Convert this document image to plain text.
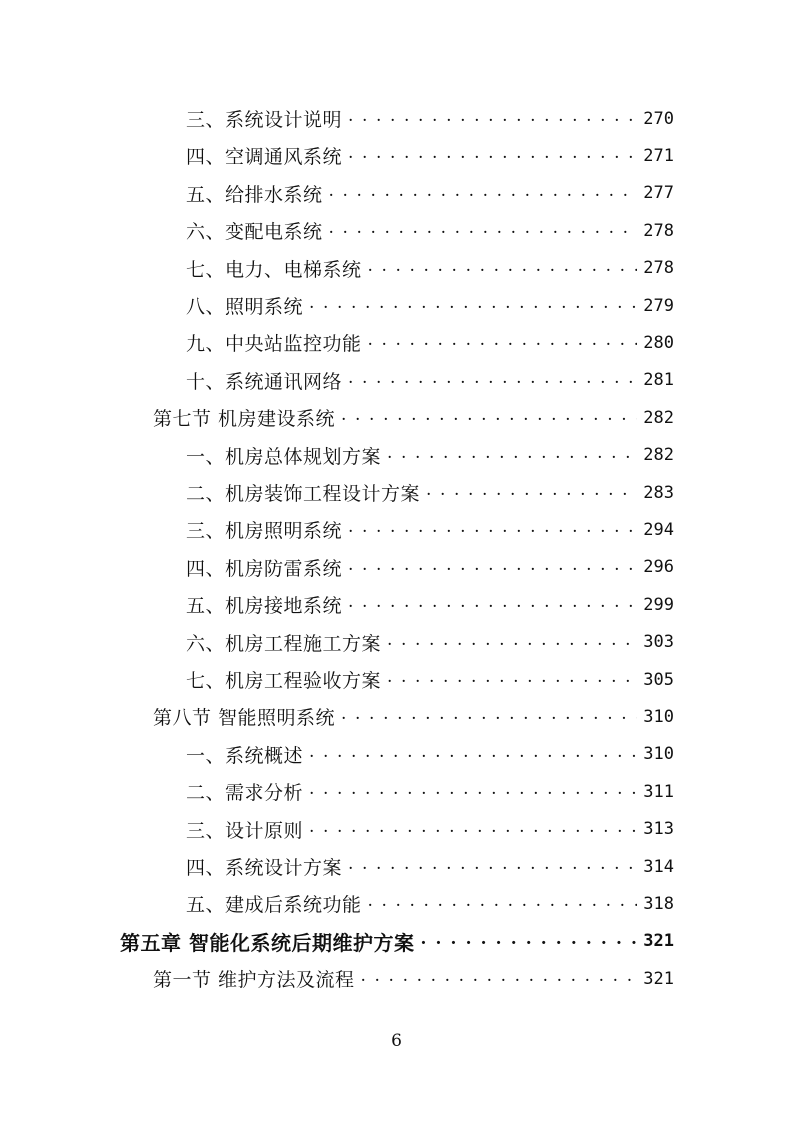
三、系统设计说明 . . .	270
四、空调通风系统 . . .	271
五、给排水系统 . . .	277
六、变配电系统 . . .	278
七、电力、电梯系统 . . .	278
八、照明系统 . . .	279
九、中央站监控功能 . . .	280
十、系统通讯网络 . . .	281
第七节 机房建设系统 . . .	282
一、机房总体规划方案 . . .	282
二、机房装饰工程设计方案 . . .	283
三、机房照明系统 . . .	294
四、机房防雷系统 . . .	296
五、机房接地系统 . . .	299
六、机房工程施工方案 . . .	303
七、机房工程验收方案 . . .	305
第八节 智能照明系统 . . .	310
一、系统概述 . . .	310
二、需求分析 . . .	311
三、设计原则 . . .	313
四、系统设计方案 . . .	314
五、建成后系统功能 . . .	318
第五章 智能化系统后期维护方案 . . .	321
第一节 维护方法及流程 . . .	321
6
